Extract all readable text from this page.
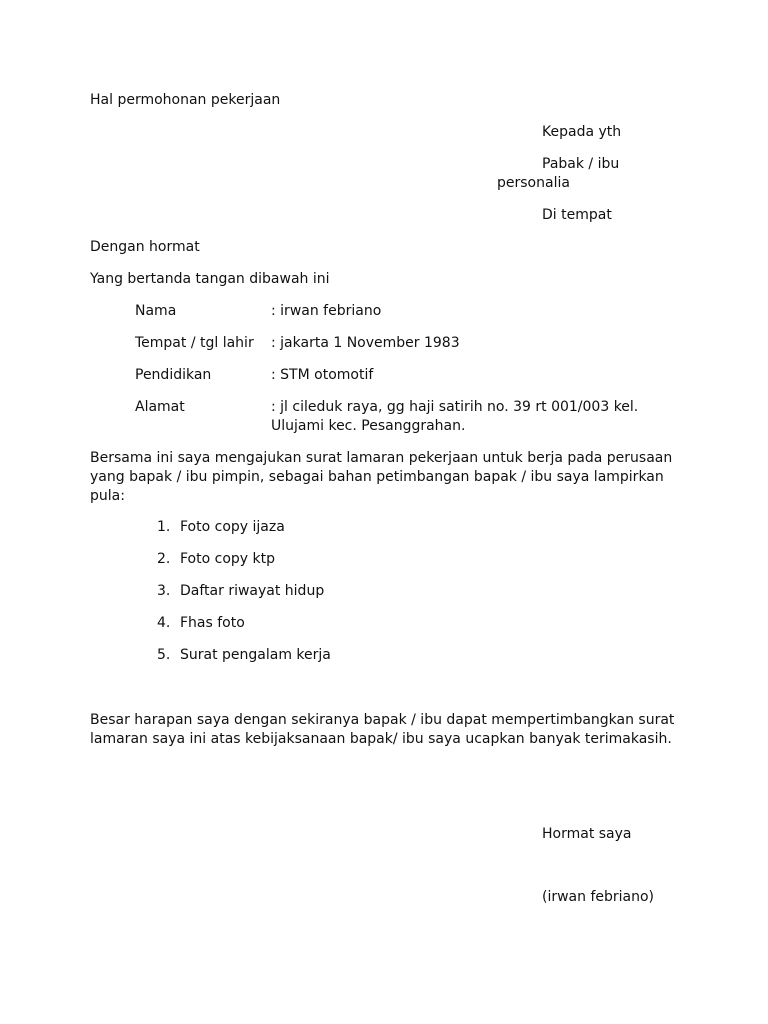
Hal permohonan pekerjaan
Kepada yth
Pabak / ibu
personalia
Di tempat
Dengan hormat
Yang bertanda tangan dibawah ini
Nama	: irwan febriano
Tempat / tgl lahir : jakarta 1 November 1983
Pendidikan	: STM otomotif
Alamat	: jl cileduk raya, gg haji satirih no. 39 rt 001/003 kel.
Ulujami kec. Pesanggrahan.
Bersama ini saya mengajukan surat lamaran pekerjaan untuk berja pada perusaan
yang bapak / ibu pimpin, sebagai bahan petimbangan bapak / ibu saya lampirkan
pula:
1. Foto copy ijaza
2. Foto copy ktp
3. Daftar riwayat hidup
4. Fhas foto
5. Surat pengalam kerja
Besar harapan saya dengan sekiranya bapak / ibu dapat mempertimbangkan surat
lamaran saya ini atas kebijaksanaan bapak/ ibu saya ucapkan banyak terimakasih.
Hormat saya
(irwan febriano)
